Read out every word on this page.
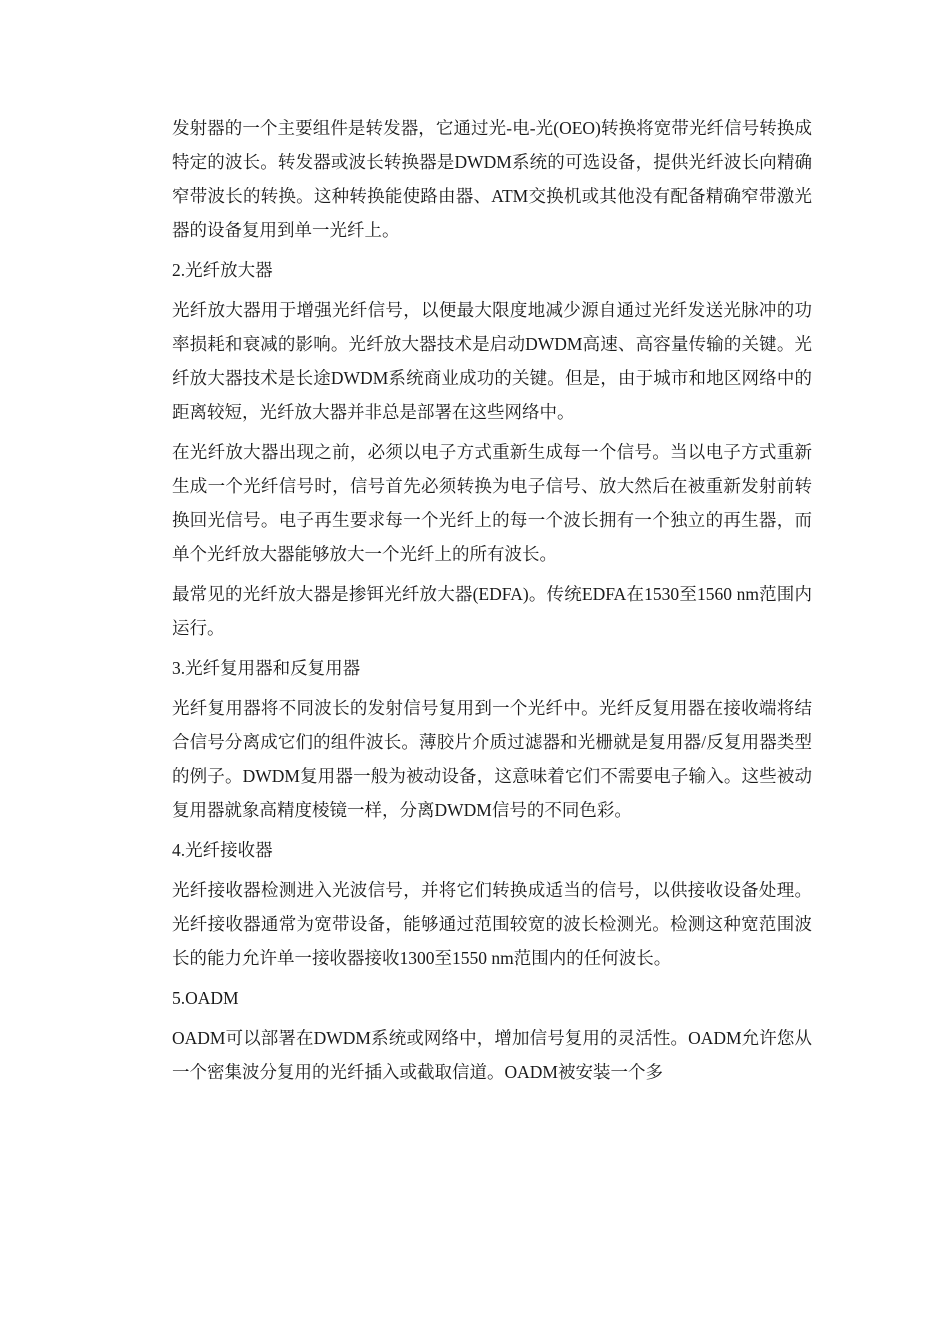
发射器的一个主要组件是转发器，它通过光-电-光(OEO)转换将宽带光纤信号转换成特定的波长。转发器或波长转换器是DWDM系统的可选设备，提供光纤波长向精确窄带波长的转换。这种转换能使路由器、ATM交换机或其他没有配备精确窄带激光器的设备复用到单一光纤上。

2.光纤放大器

光纤放大器用于增强光纤信号，以便最大限度地减少源自通过光纤发送光脉冲的功率损耗和衰减的影响。光纤放大器技术是启动DWDM高速、高容量传输的关键。光纤放大器技术是长途DWDM系统商业成功的关键。但是，由于城市和地区网络中的距离较短，光纤放大器并非总是部署在这些网络中。

在光纤放大器出现之前，必须以电子方式重新生成每一个信号。当以电子方式重新生成一个光纤信号时，信号首先必须转换为电子信号、放大然后在被重新发射前转换回光信号。电子再生要求每一个光纤上的每一个波长拥有一个独立的再生器，而单个光纤放大器能够放大一个光纤上的所有波长。

最常见的光纤放大器是掺铒光纤放大器(EDFA)。传统EDFA在1530至1560 nm范围内运行。

3.光纤复用器和反复用器

光纤复用器将不同波长的发射信号复用到一个光纤中。光纤反复用器在接收端将结合信号分离成它们的组件波长。薄胶片介质过滤器和光栅就是复用器/反复用器类型的例子。DWDM复用器一般为被动设备，这意味着它们不需要电子输入。这些被动复用器就象高精度棱镜一样，分离DWDM信号的不同色彩。

4.光纤接收器

光纤接收器检测进入光波信号，并将它们转换成适当的信号，以供接收设备处理。光纤接收器通常为宽带设备，能够通过范围较宽的波长检测光。检测这种宽范围波长的能力允许单一接收器接收1300至1550 nm范围内的任何波长。

5.OADM

OADM可以部署在DWDM系统或网络中，增加信号复用的灵活性。OADM允许您从一个密集波分复用的光纤插入或截取信道。OADM被安装一个多
